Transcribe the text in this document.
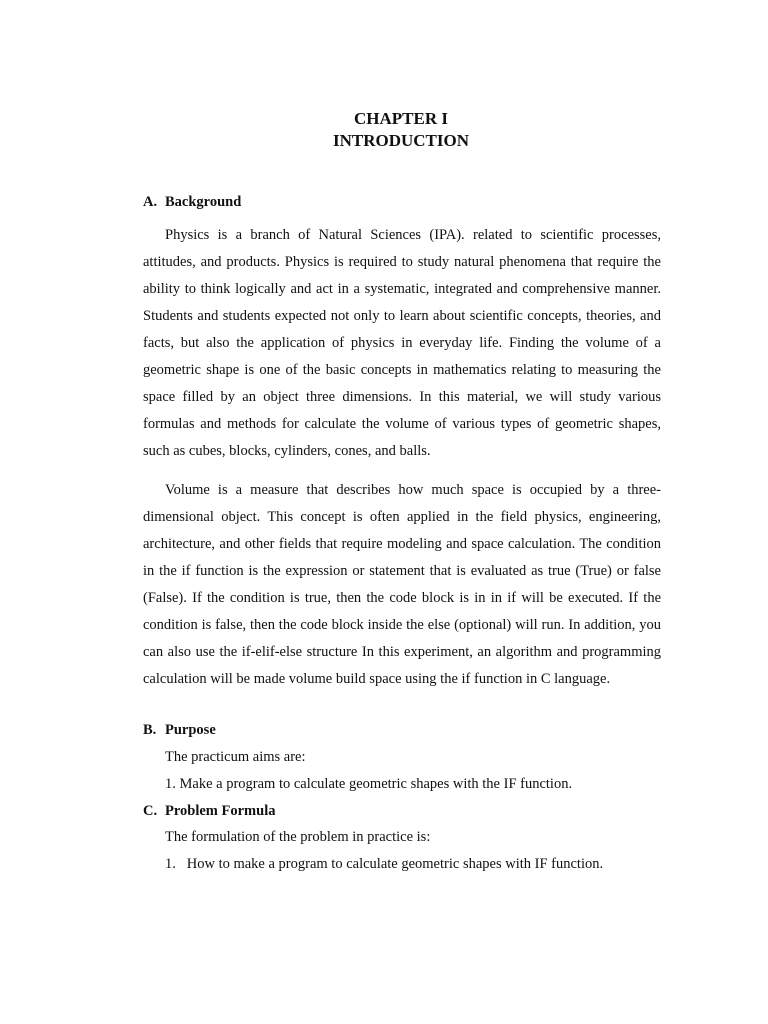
CHAPTER I
INTRODUCTION
A. Background

Physics is a branch of Natural Sciences (IPA). related to scientific processes, attitudes, and products. Physics is required to study natural phenomena that require the ability to think logically and act in a systematic, integrated and comprehensive manner. Students and students expected not only to learn about scientific concepts, theories, and facts, but also the application of physics in everyday life. Finding the volume of a geometric shape is one of the basic concepts in mathematics relating to measuring the space filled by an object three dimensions. In this material, we will study various formulas and methods for calculate the volume of various types of geometric shapes, such as cubes, blocks, cylinders, cones, and balls.

Volume is a measure that describes how much space is occupied by a three-dimensional object. This concept is often applied in the field physics, engineering, architecture, and other fields that require modeling and space calculation. The condition in the if function is the expression or statement that is evaluated as true (True) or false (False). If the condition is true, then the code block is in in if will be executed. If the condition is false, then the code block inside the else (optional) will run. In addition, you can also use the if-elif-else structure In this experiment, an algorithm and programming calculation will be made volume build space using the if function in C language.

B. Purpose

The practicum aims are:

1. Make a program to calculate geometric shapes with the IF function.

C. Problem Formula

The formulation of the problem in practice is:

1.   How to make a program to calculate geometric shapes with IF function.
